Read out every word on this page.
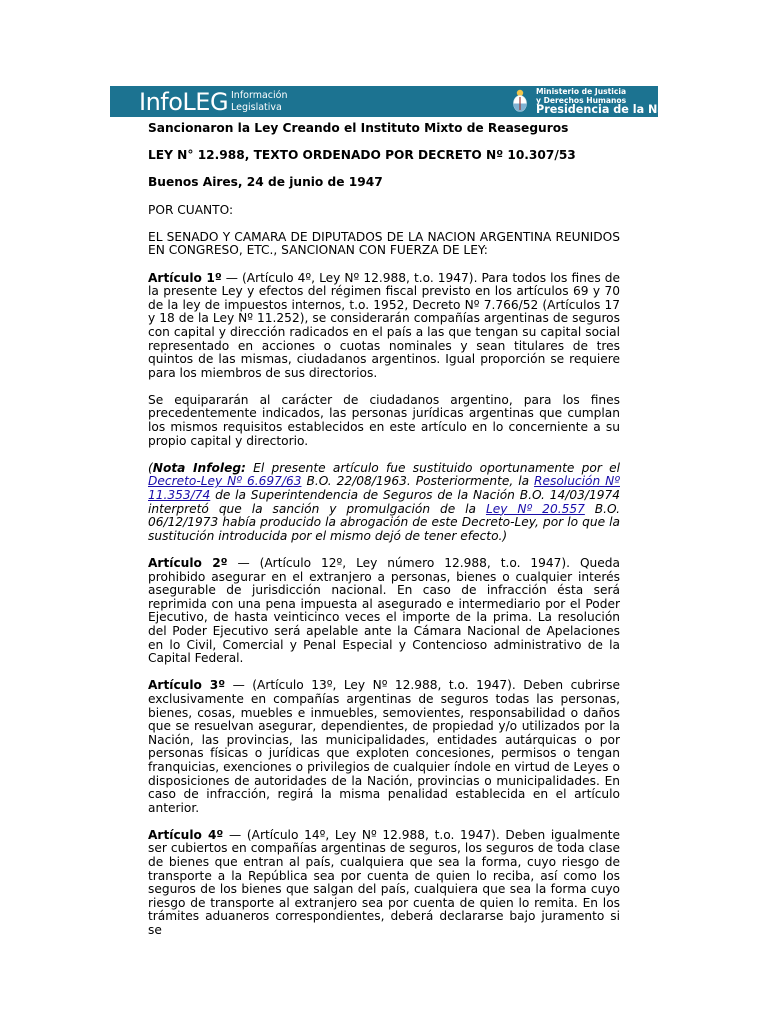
InfoLEG Información
Legislativa
Ministerio de Justicia
y Derechos Humanos
Presidencia de la Nación

Sancionaron la Ley Creando el Instituto Mixto de Reaseguros

LEY N° 12.988, TEXTO ORDENADO POR DECRETO Nº 10.307/53

Buenos Aires, 24 de junio de 1947

POR CUANTO:

EL SENADO Y CAMARA DE DIPUTADOS DE LA NACION ARGENTINA REUNIDOS EN CONGRESO, ETC., SANCIONAN CON FUERZA DE LEY:

Artículo 1º — (Artículo 4º, Ley Nº 12.988, t.o. 1947). Para todos los fines de la presente Ley y efectos del régimen fiscal previsto en los artículos 69 y 70 de la ley de impuestos internos, t.o. 1952, Decreto Nº 7.766/52 (Artículos 17 y 18 de la Ley Nº 11.252), se considerarán compañías argentinas de seguros con capital y dirección radicados en el país a las que tengan su capital social representado en acciones o cuotas nominales y sean titulares de tres quintos de las mismas, ciudadanos argentinos. Igual proporción se requiere para los miembros de sus directorios.

Se equipararán al carácter de ciudadanos argentino, para los fines precedentemente indicados, las personas jurídicas argentinas que cumplan los mismos requisitos establecidos en este artículo en lo concerniente a su propio capital y directorio.

(Nota Infoleg: El presente artículo fue sustituido oportunamente por el Decreto-Ley Nº 6.697/63 B.O. 22/08/1963. Posteriormente, la Resolución Nº 11.353/74 de la Superintendencia de Seguros de la Nación B.O. 14/03/1974 interpretó que la sanción y promulgación de la Ley Nº 20.557 B.O. 06/12/1973 había producido la abrogación de este Decreto-Ley, por lo que la sustitución introducida por el mismo dejó de tener efecto.)

Artículo 2º — (Artículo 12º, Ley número 12.988, t.o. 1947). Queda prohibido asegurar en el extranjero a personas, bienes o cualquier interés asegurable de jurisdicción nacional. En caso de infracción ésta será reprimida con una pena impuesta al asegurado e intermediario por el Poder Ejecutivo, de hasta veinticinco veces el importe de la prima. La resolución del Poder Ejecutivo será apelable ante la Cámara Nacional de Apelaciones en lo Civil, Comercial y Penal Especial y Contencioso administrativo de la Capital Federal.

Artículo 3º — (Artículo 13º, Ley Nº 12.988, t.o. 1947). Deben cubrirse exclusivamente en compañías argentinas de seguros todas las personas, bienes, cosas, muebles e inmuebles, semovientes, responsabilidad o daños que se resuelvan asegurar, dependientes, de propiedad y/o utilizados por la Nación, las provincias, las municipalidades, entidades autárquicas o por personas físicas o jurídicas que exploten concesiones, permisos o tengan franquicias, exenciones o privilegios de cualquier índole en virtud de Leyes o disposiciones de autoridades de la Nación, provincias o municipalidades. En caso de infracción, regirá la misma penalidad establecida en el artículo anterior.

Artículo 4º — (Artículo 14º, Ley Nº 12.988, t.o. 1947). Deben igualmente ser cubiertos en compañías argentinas de seguros, los seguros de toda clase de bienes que entran al país, cualquiera que sea la forma, cuyo riesgo de transporte a la República sea por cuenta de quien lo reciba, así como los seguros de los bienes que salgan del país, cualquiera que sea la forma cuyo riesgo de transporte al extranjero sea por cuenta de quien lo remita. En los trámites aduaneros correspondientes, deberá declararse bajo juramento si se
